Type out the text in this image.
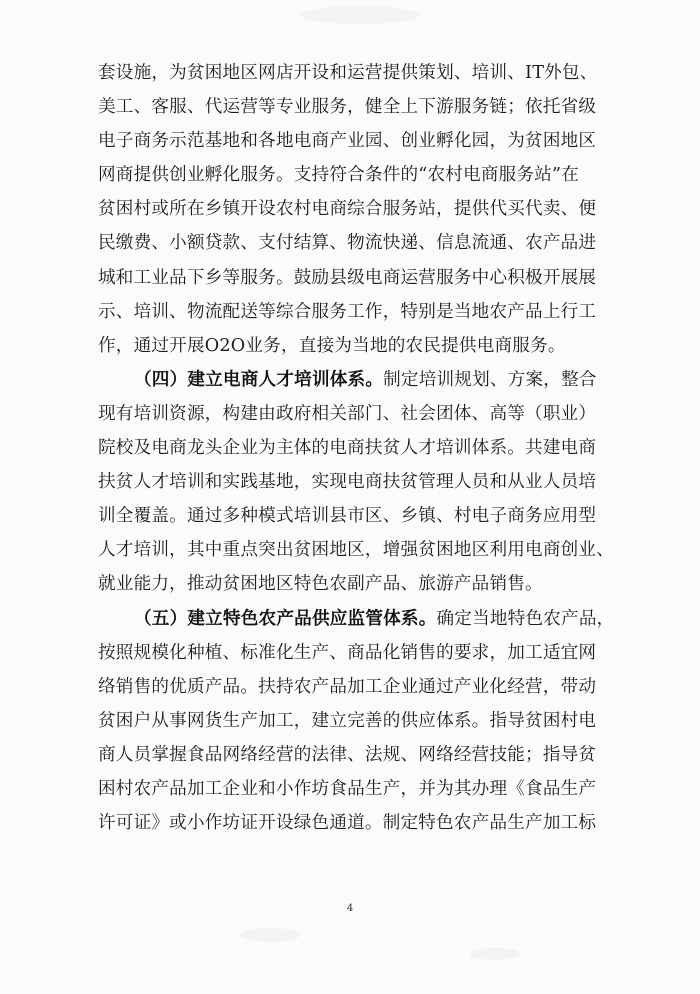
套设施，为贫困地区网店开设和运营提供策划、培训、IT外包、
美工、客服、代运营等专业服务，健全上下游服务链；依托省级
电子商务示范基地和各地电商产业园、创业孵化园，为贫困地区
网商提供创业孵化服务。支持符合条件的“农村电商服务站”在
贫困村或所在乡镇开设农村电商综合服务站，提供代买代卖、便
民缴费、小额贷款、支付结算、物流快递、信息流通、农产品进
城和工业品下乡等服务。鼓励县级电商运营服务中心积极开展展
示、培训、物流配送等综合服务工作，特别是当地农产品上行工
作，通过开展O2O业务，直接为当地的农民提供电商服务。
（四）建立电商人才培训体系。制定培训规划、方案，整合
现有培训资源，构建由政府相关部门、社会团体、高等（职业）
院校及电商龙头企业为主体的电商扶贫人才培训体系。共建电商
扶贫人才培训和实践基地，实现电商扶贫管理人员和从业人员培
训全覆盖。通过多种模式培训县市区、乡镇、村电子商务应用型
人才培训，其中重点突出贫困地区，增强贫困地区利用电商创业、
就业能力，推动贫困地区特色农副产品、旅游产品销售。
（五）建立特色农产品供应监管体系。确定当地特色农产品，
按照规模化种植、标准化生产、商品化销售的要求，加工适宜网
络销售的优质产品。扶持农产品加工企业通过产业化经营，带动
贫困户从事网货生产加工，建立完善的供应体系。指导贫困村电
商人员掌握食品网络经营的法律、法规、网络经营技能；指导贫
困村农产品加工企业和小作坊食品生产，并为其办理《食品生产
许可证》或小作坊证开设绿色通道。制定特色农产品生产加工标
4
